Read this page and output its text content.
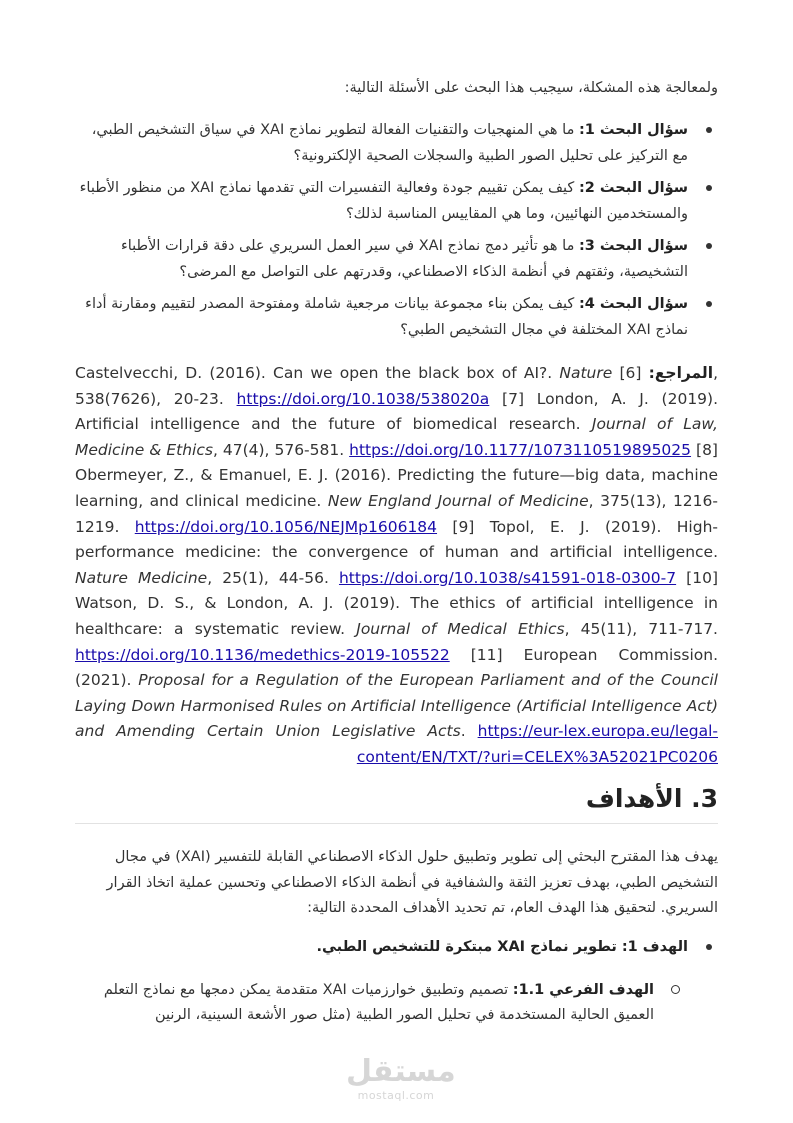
ولمعالجة هذه المشكلة، سيجيب هذا البحث على الأسئلة التالية:
سؤال البحث 1: ما هي المنهجيات والتقنيات الفعالة لتطوير نماذج XAI في سياق التشخيص الطبي، مع التركيز على تحليل الصور الطبية والسجلات الصحية الإلكترونية؟
سؤال البحث 2: كيف يمكن تقييم جودة وفعالية التفسيرات التي تقدمها نماذج XAI من منظور الأطباء والمستخدمين النهائيين، وما هي المقاييس المناسبة لذلك؟
سؤال البحث 3: ما هو تأثير دمج نماذج XAI في سير العمل السريري على دقة قرارات الأطباء التشخيصية، وثقتهم في أنظمة الذكاء الاصطناعي، وقدرتهم على التواصل مع المرضى؟
سؤال البحث 4: كيف يمكن بناء مجموعة بيانات مرجعية شاملة ومفتوحة المصدر لتقييم ومقارنة أداء نماذج XAI المختلفة في مجال التشخيص الطبي؟
Castelvecchi, D. (2016). Can we open the black box of AI?. Nature [6] المراجع:, 538(7626), 20-23. https://doi.org/10.1038/538020a [7] London, A. J. (2019). Artificial intelligence and the future of biomedical research. Journal of Law, Medicine & Ethics, 47(4), 576-581. https://doi.org/10.1177/1073110519895025 [8] Obermeyer, Z., & Emanuel, E. J. (2016). Predicting the future—big data, machine learning, and clinical medicine. New England Journal of Medicine, 375(13), 1216-1219. https://doi.org/10.1056/NEJMp1606184 [9] Topol, E. J. (2019). High-performance medicine: the convergence of human and artificial intelligence. Nature Medicine, 25(1), 44-56. https://doi.org/10.1038/s41591-018-0300-7 [10] Watson, D. S., & London, A. J. (2019). The ethics of artificial intelligence in healthcare: a systematic review. Journal of Medical Ethics, 45(11), 711-717. https://doi.org/10.1136/medethics-2019-105522 [11] European Commission. (2021). Proposal for a Regulation of the European Parliament and of the Council Laying Down Harmonised Rules on Artificial Intelligence (Artificial Intelligence Act) and Amending Certain Union Legislative Acts. https://eur-lex.europa.eu/legal-content/EN/TXT/?uri=CELEX%3A52021PC0206
3. الأهداف
يهدف هذا المقترح البحثي إلى تطوير وتطبيق حلول الذكاء الاصطناعي القابلة للتفسير (XAI) في مجال التشخيص الطبي، بهدف تعزيز الثقة والشفافية في أنظمة الذكاء الاصطناعي وتحسين عملية اتخاذ القرار السريري. لتحقيق هذا الهدف العام، تم تحديد الأهداف المحددة التالية:
الهدف 1: تطوير نماذج XAI مبتكرة للتشخيص الطبي.
الهدف الفرعي 1.1: تصميم وتطبيق خوارزميات XAI متقدمة يمكن دمجها مع نماذج التعلم العميق الحالية المستخدمة في تحليل الصور الطبية (مثل صور الأشعة السينية، الرنين
مستقل
mostaql.com
